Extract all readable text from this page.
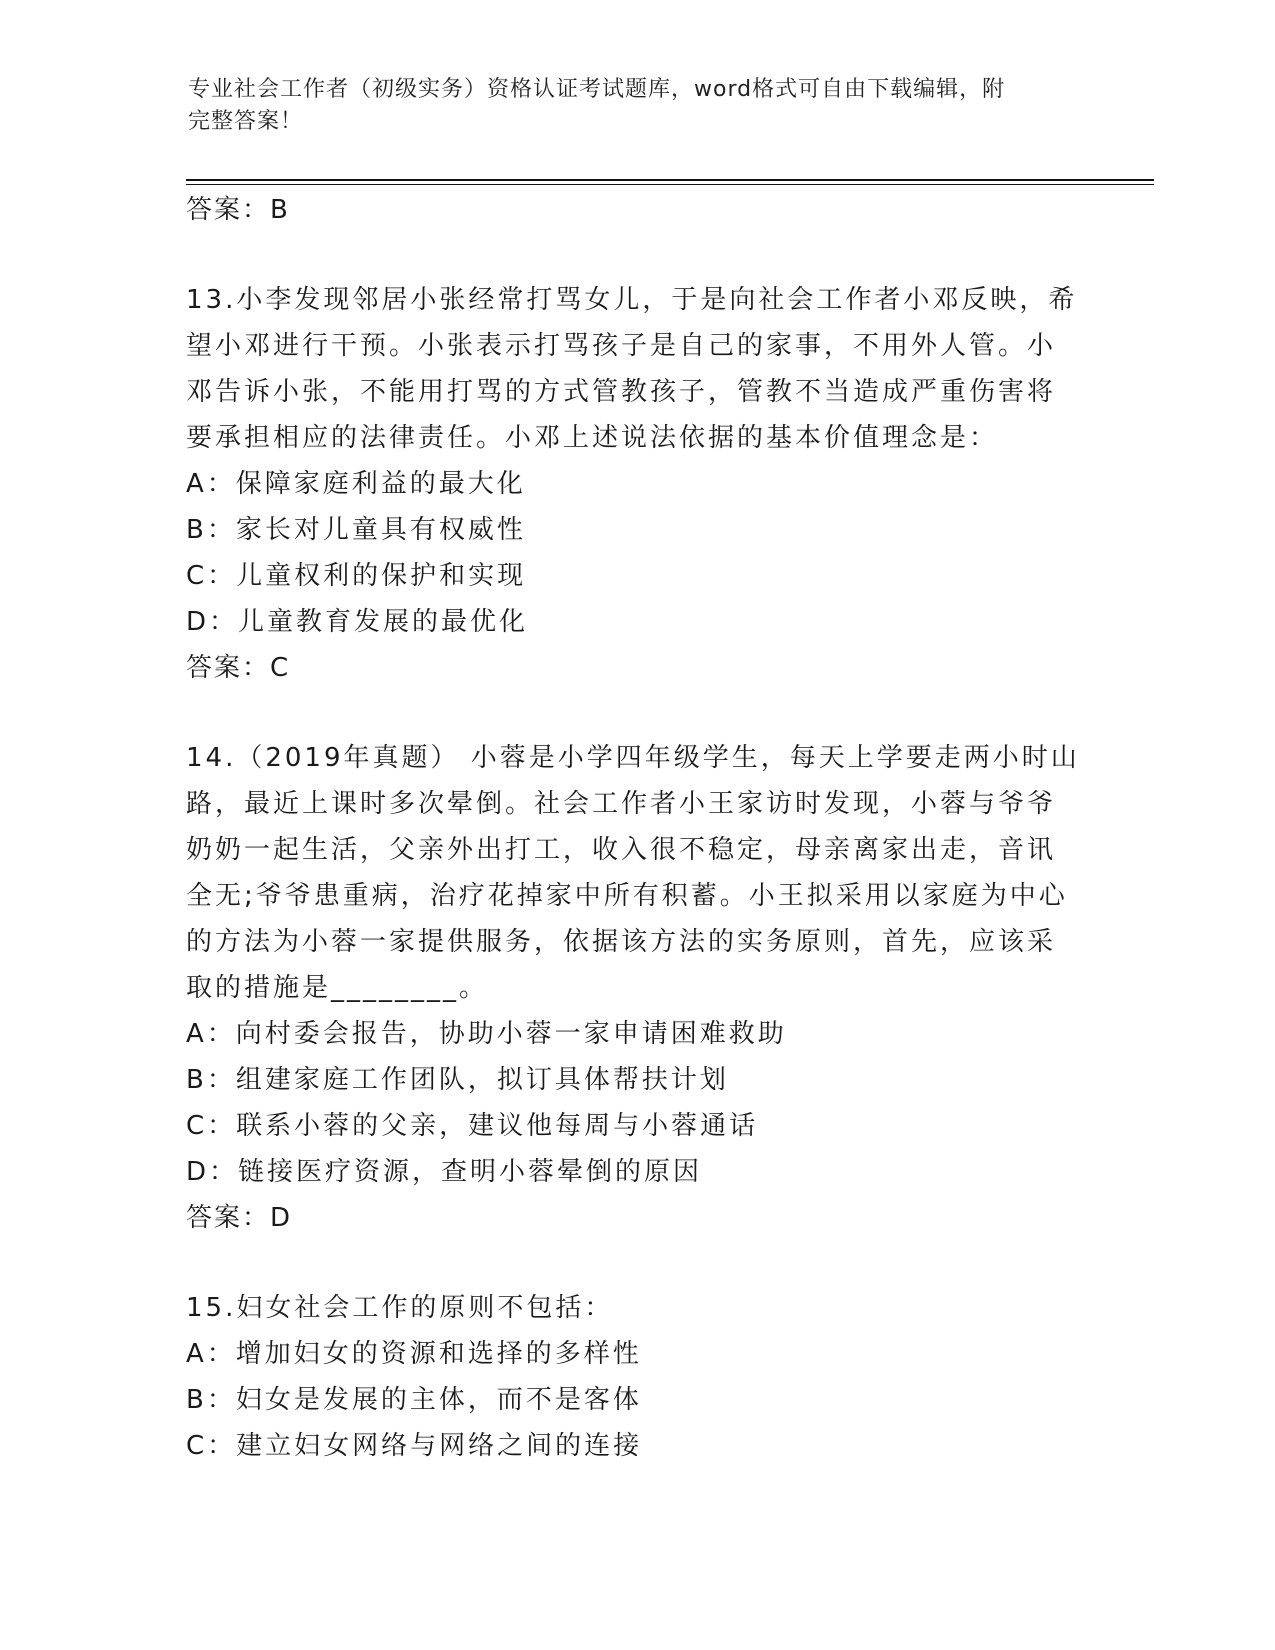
专业社会工作者（初级实务）资格认证考试题库，word格式可自由下载编辑，附
完整答案！
答案：B
13.小李发现邻居小张经常打骂女儿，于是向社会工作者小邓反映，希
望小邓进行干预。小张表示打骂孩子是自己的家事，不用外人管。小
邓告诉小张，不能用打骂的方式管教孩子，管教不当造成严重伤害将
要承担相应的法律责任。小邓上述说法依据的基本价值理念是：
A：保障家庭利益的最大化
B：家长对儿童具有权威性
C：儿童权利的保护和实现
D：儿童教育发展的最优化
答案：C
14.（2019年真题） 小蓉是小学四年级学生，每天上学要走两小时山
路，最近上课时多次晕倒。社会工作者小王家访时发现，小蓉与爷爷
奶奶一起生活，父亲外出打工，收入很不稳定，母亲离家出走，音讯
全无;爷爷患重病，治疗花掉家中所有积蓄。小王拟采用以家庭为中心
的方法为小蓉一家提供服务，依据该方法的实务原则，首先，应该采
取的措施是________。
A：向村委会报告，协助小蓉一家申请困难救助
B：组建家庭工作团队，拟订具体帮扶计划
C：联系小蓉的父亲，建议他每周与小蓉通话
D：链接医疗资源，查明小蓉晕倒的原因
答案：D
15.妇女社会工作的原则不包括：
A：增加妇女的资源和选择的多样性
B：妇女是发展的主体，而不是客体
C：建立妇女网络与网络之间的连接
